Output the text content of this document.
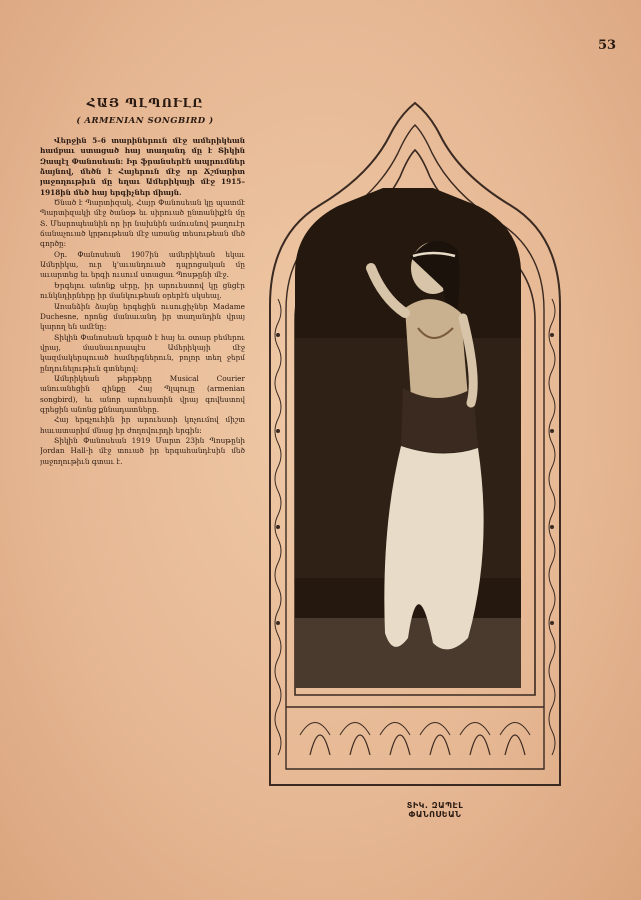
53
ՀԱՅ ՊԼՊՈՒԼԸ
( ARMENIAN SONGBIRD )

Վերջին 5–6 տարիներուն մէջ ամերիկեան համբաւ ստացած հայ տաղանդ մը է Տիկին Զապէլ Փանոսեան: Իր ֆրանսերէն ապրումներ ձայնով, մեծն է Հայերուն մէջ որ Ճշմարիտ յաջողութիւն մը եղաւ Ամերիկայի մէջ 1915–1918ին մեծ հայ երգիչներ միայն.

Ծնած է Պարտիզակ, Հայր Փանոսեան կը պատմէ Պարտիզակի մէջ ծանօթ եւ սիրուած ընտանիքէն մը Տ. Մեսրոպեանին որ իր նախնին ամուսնով թաղուէր ճանաչուած կրթութեան մէջ առանց տեսութեան մեծ գործը:

Օր. Փանոսեան 1907ին ամերիկեան եկաւ Ամերիկա, ուր կ'աւանդուած դպրոցական մը աւարտեց եւ երգի ուսում ստացաւ Պոսթընի մէջ.

Երգելու անոնք սէրը, իր արուեստով կը ցնցէր ունկնդիրները իր մանկութեան օրերէն սկսեալ.

Առանձին ձայնը երգեցին ուսուցիչներ Madame Duchesne, որոնց մանաւանդ իր տաղանդին վրայ կարող են ամէնը:

Տիկին Փանոսեան երգած է հայ եւ օտար բեմերու վրայ, մասնաւորապէս Ամերիկայի մէջ կազմակերպուած համերգներուն, բոլոր տեղ ջերմ ընդունելութիւն գտնելով:

Ամերիկեան թերթերը Musical Courier անուանեցին զինքը Հայ Պլպուլը (armenian songbird), եւ անոր արուեստին վրայ գովեստով գրեցին անոնց քննադատները.

Հայ երգչուհին իր արուեստի կոչումով միշտ հաւատարիմ մնաց իր ժողովուրդի երգին:

Տիկին Փանոսեան 1919 Մարտ 23ին Պոսթընի Jordan Hall-ի մէջ տուած իր երգահանդէսին մեծ յաջողութիւն գտաւ է.

ՏԻԿ. ԶԱՊԷԼ ՓԱՆՈՍԵԱՆ
